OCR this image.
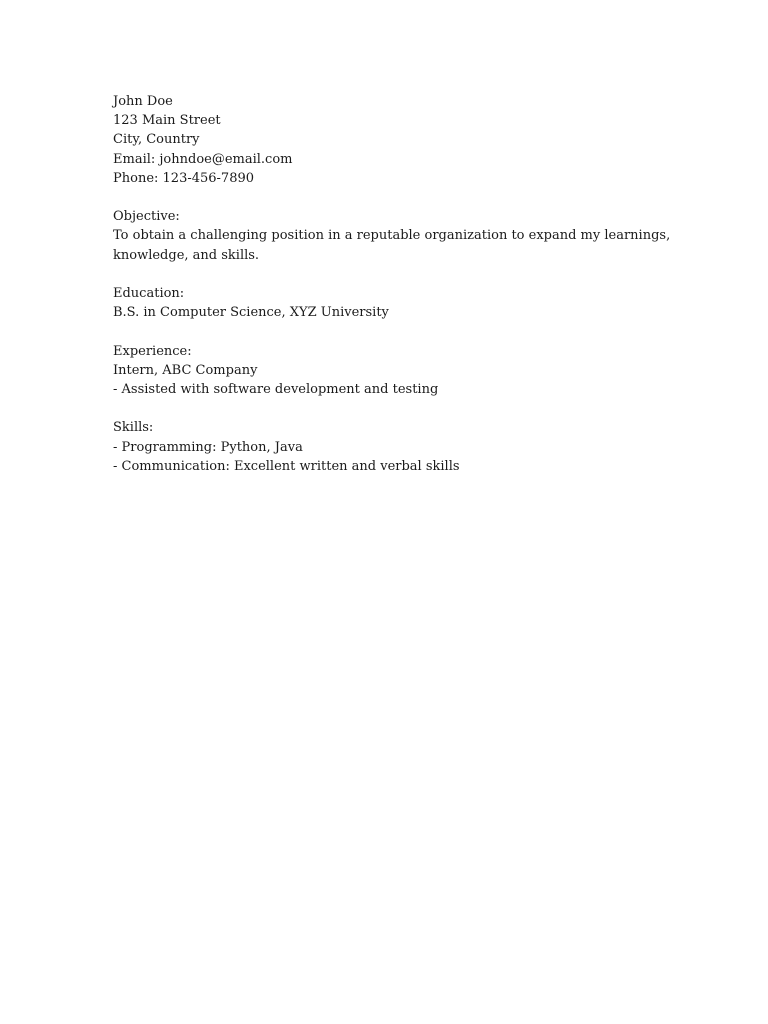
John Doe
123 Main Street
City, Country
Email: johndoe@email.com
Phone: 123-456-7890
Objective:
To obtain a challenging position in a reputable organization to expand my learnings,
knowledge, and skills.
Education:
B.S. in Computer Science, XYZ University
Experience:
Intern, ABC Company
- Assisted with software development and testing
Skills:
- Programming: Python, Java
- Communication: Excellent written and verbal skills
